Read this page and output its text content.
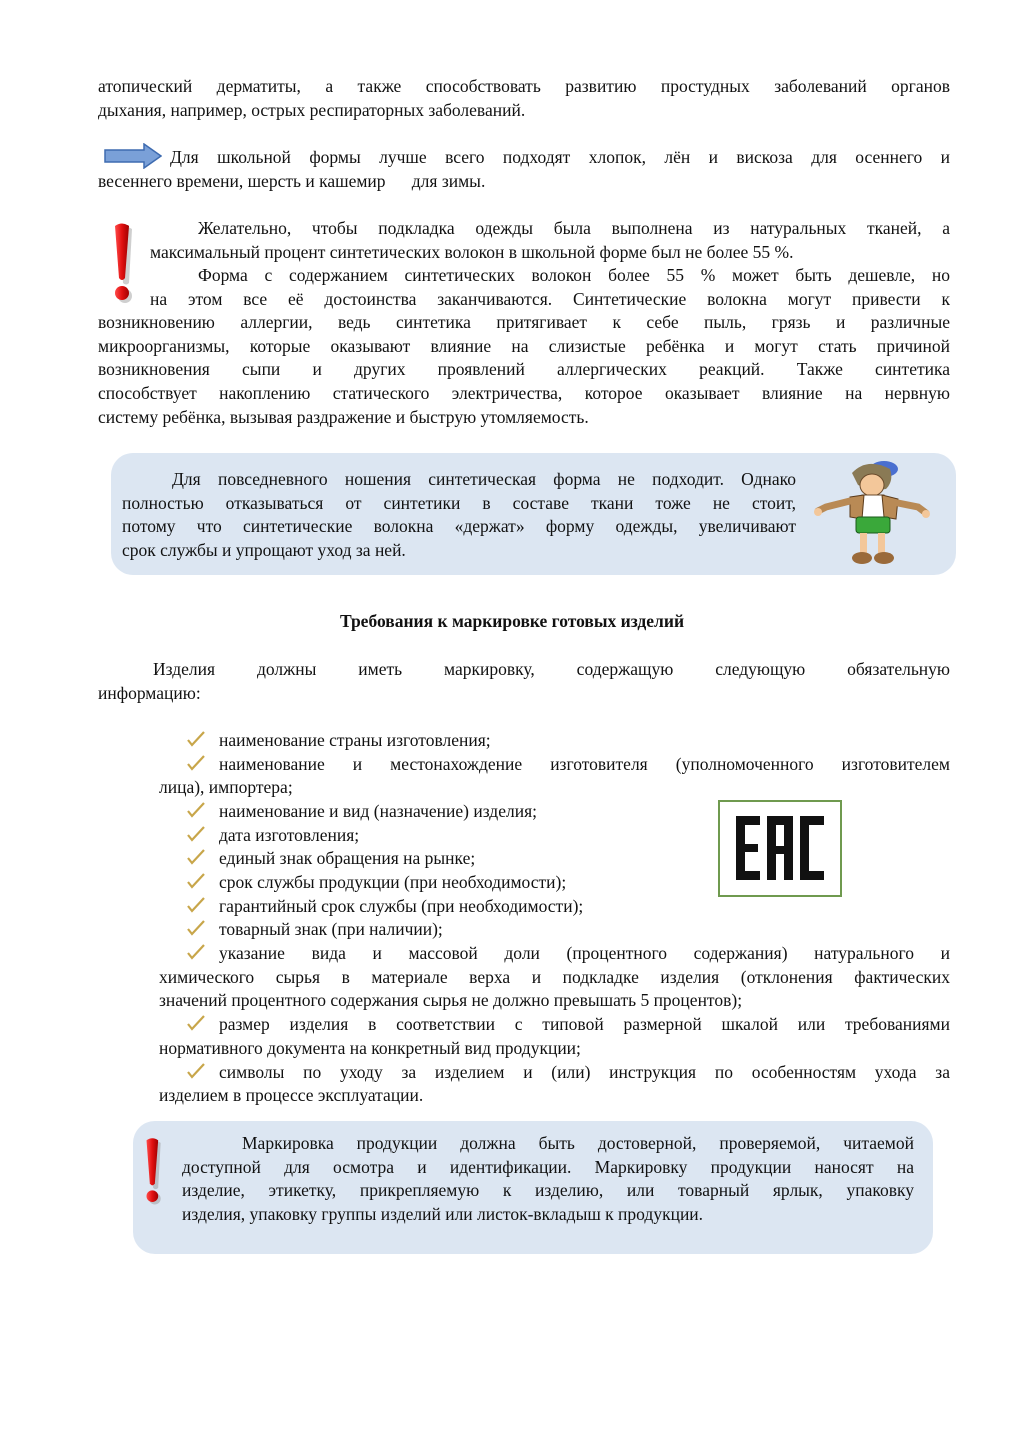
атопический дерматиты, а также способствовать развитию простудных заболеваний органов
дыхания, например, острых респираторных заболеваний.
Для школьной формы лучше всего подходят хлопок, лён и вискоза для осеннего и
весеннего времени, шерсть и кашемир      для зимы.
Желательно, чтобы подкладка одежды была выполнена из натуральных тканей, а
максимальный процент синтетических волокон в школьной форме был не более 55 %.
Форма с содержанием синтетических волокон более 55 % может быть дешевле, но
на этом все её достоинства заканчиваются. Синтетические волокна могут привести к
возникновению аллергии, ведь синтетика притягивает к себе пыль, грязь и различные
микроорганизмы, которые оказывают влияние на слизистые ребёнка и могут стать причиной
возникновения сыпи и других проявлений аллергических реакций. Также синтетика
способствует накоплению статического электричества, которое оказывает влияние на нервную
систему ребёнка, вызывая раздражение и быструю утомляемость.
Для повседневного ношения синтетическая форма не подходит. Однако
полностью отказываться от синтетики в составе ткани тоже не стоит,
потому что синтетические волокна «держат» форму одежды, увеличивают
срок службы и упрощают уход за ней.
Требования к маркировке готовых изделий
Изделия должны иметь маркировку, содержащую следующую обязательную
информацию:
наименование страны изготовления;
наименование и местонахождение изготовителя (уполномоченного изготовителем
лица), импортера;
наименование и вид (назначение) изделия;
дата изготовления;
единый знак обращения на рынке;
срок службы продукции (при необходимости);
гарантийный срок службы (при необходимости);
товарный знак (при наличии);
указание вида и массовой доли (процентного содержания) натурального и
химического сырья в материале верха и подкладке изделия (отклонения фактических
значений процентного содержания сырья не должно превышать 5 процентов);
размер изделия в соответствии с типовой размерной шкалой или требованиями
нормативного документа на конкретный вид продукции;
символы по уходу за изделием и (или) инструкция по особенностям ухода за
изделием в процессе эксплуатации.
Маркировка продукции должна быть достоверной, проверяемой, читаемой
доступной для осмотра и идентификации. Маркировку продукции наносят на
изделие, этикетку, прикрепляемую к изделию, или товарный ярлык, упаковку
изделия, упаковку группы изделий или листок-вкладыш к продукции.
